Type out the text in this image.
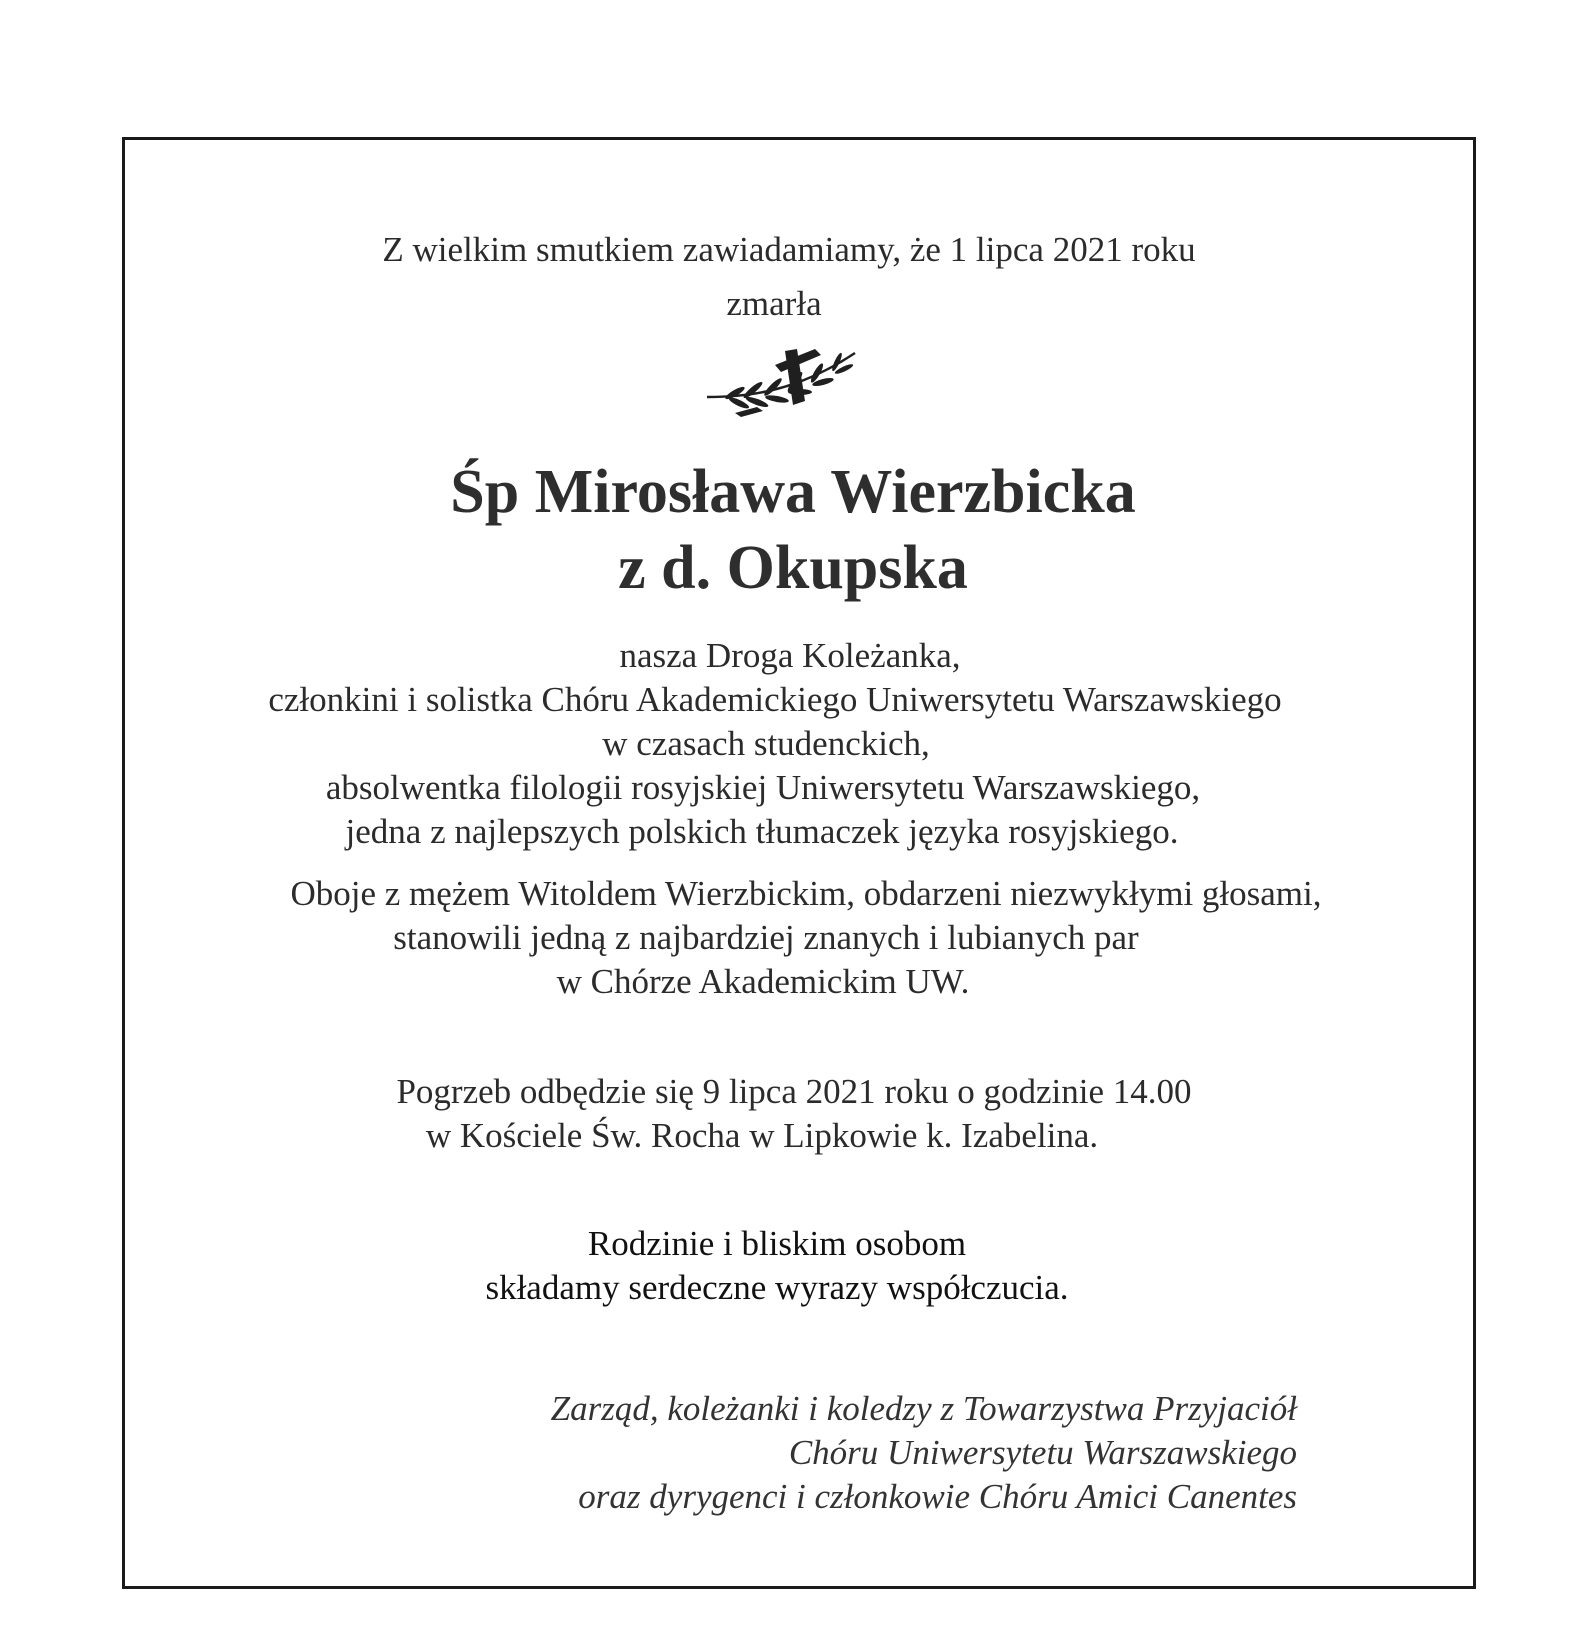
Z wielkim smutkiem zawiadamiamy, że 1 lipca 2021 roku
zmarła
Śp Mirosława Wierzbicka
z d. Okupska
nasza Droga Koleżanka,
członkini i solistka Chóru Akademickiego Uniwersytetu Warszawskiego
w czasach studenckich,
absolwentka filologii rosyjskiej Uniwersytetu Warszawskiego,
jedna z najlepszych polskich tłumaczek języka rosyjskiego.
Oboje z mężem Witoldem Wierzbickim, obdarzeni niezwykłymi głosami,
stanowili jedną z najbardziej znanych i lubianych par
w Chórze Akademickim UW.
Pogrzeb odbędzie się 9 lipca 2021 roku o godzinie 14.00
w Kościele Św. Rocha w Lipkowie k. Izabelina.
Rodzinie i bliskim osobom
składamy serdeczne wyrazy współczucia.
Zarząd, koleżanki i koledzy z Towarzystwa Przyjaciół
Chóru Uniwersytetu Warszawskiego
oraz dyrygenci i członkowie Chóru Amici Canentes
